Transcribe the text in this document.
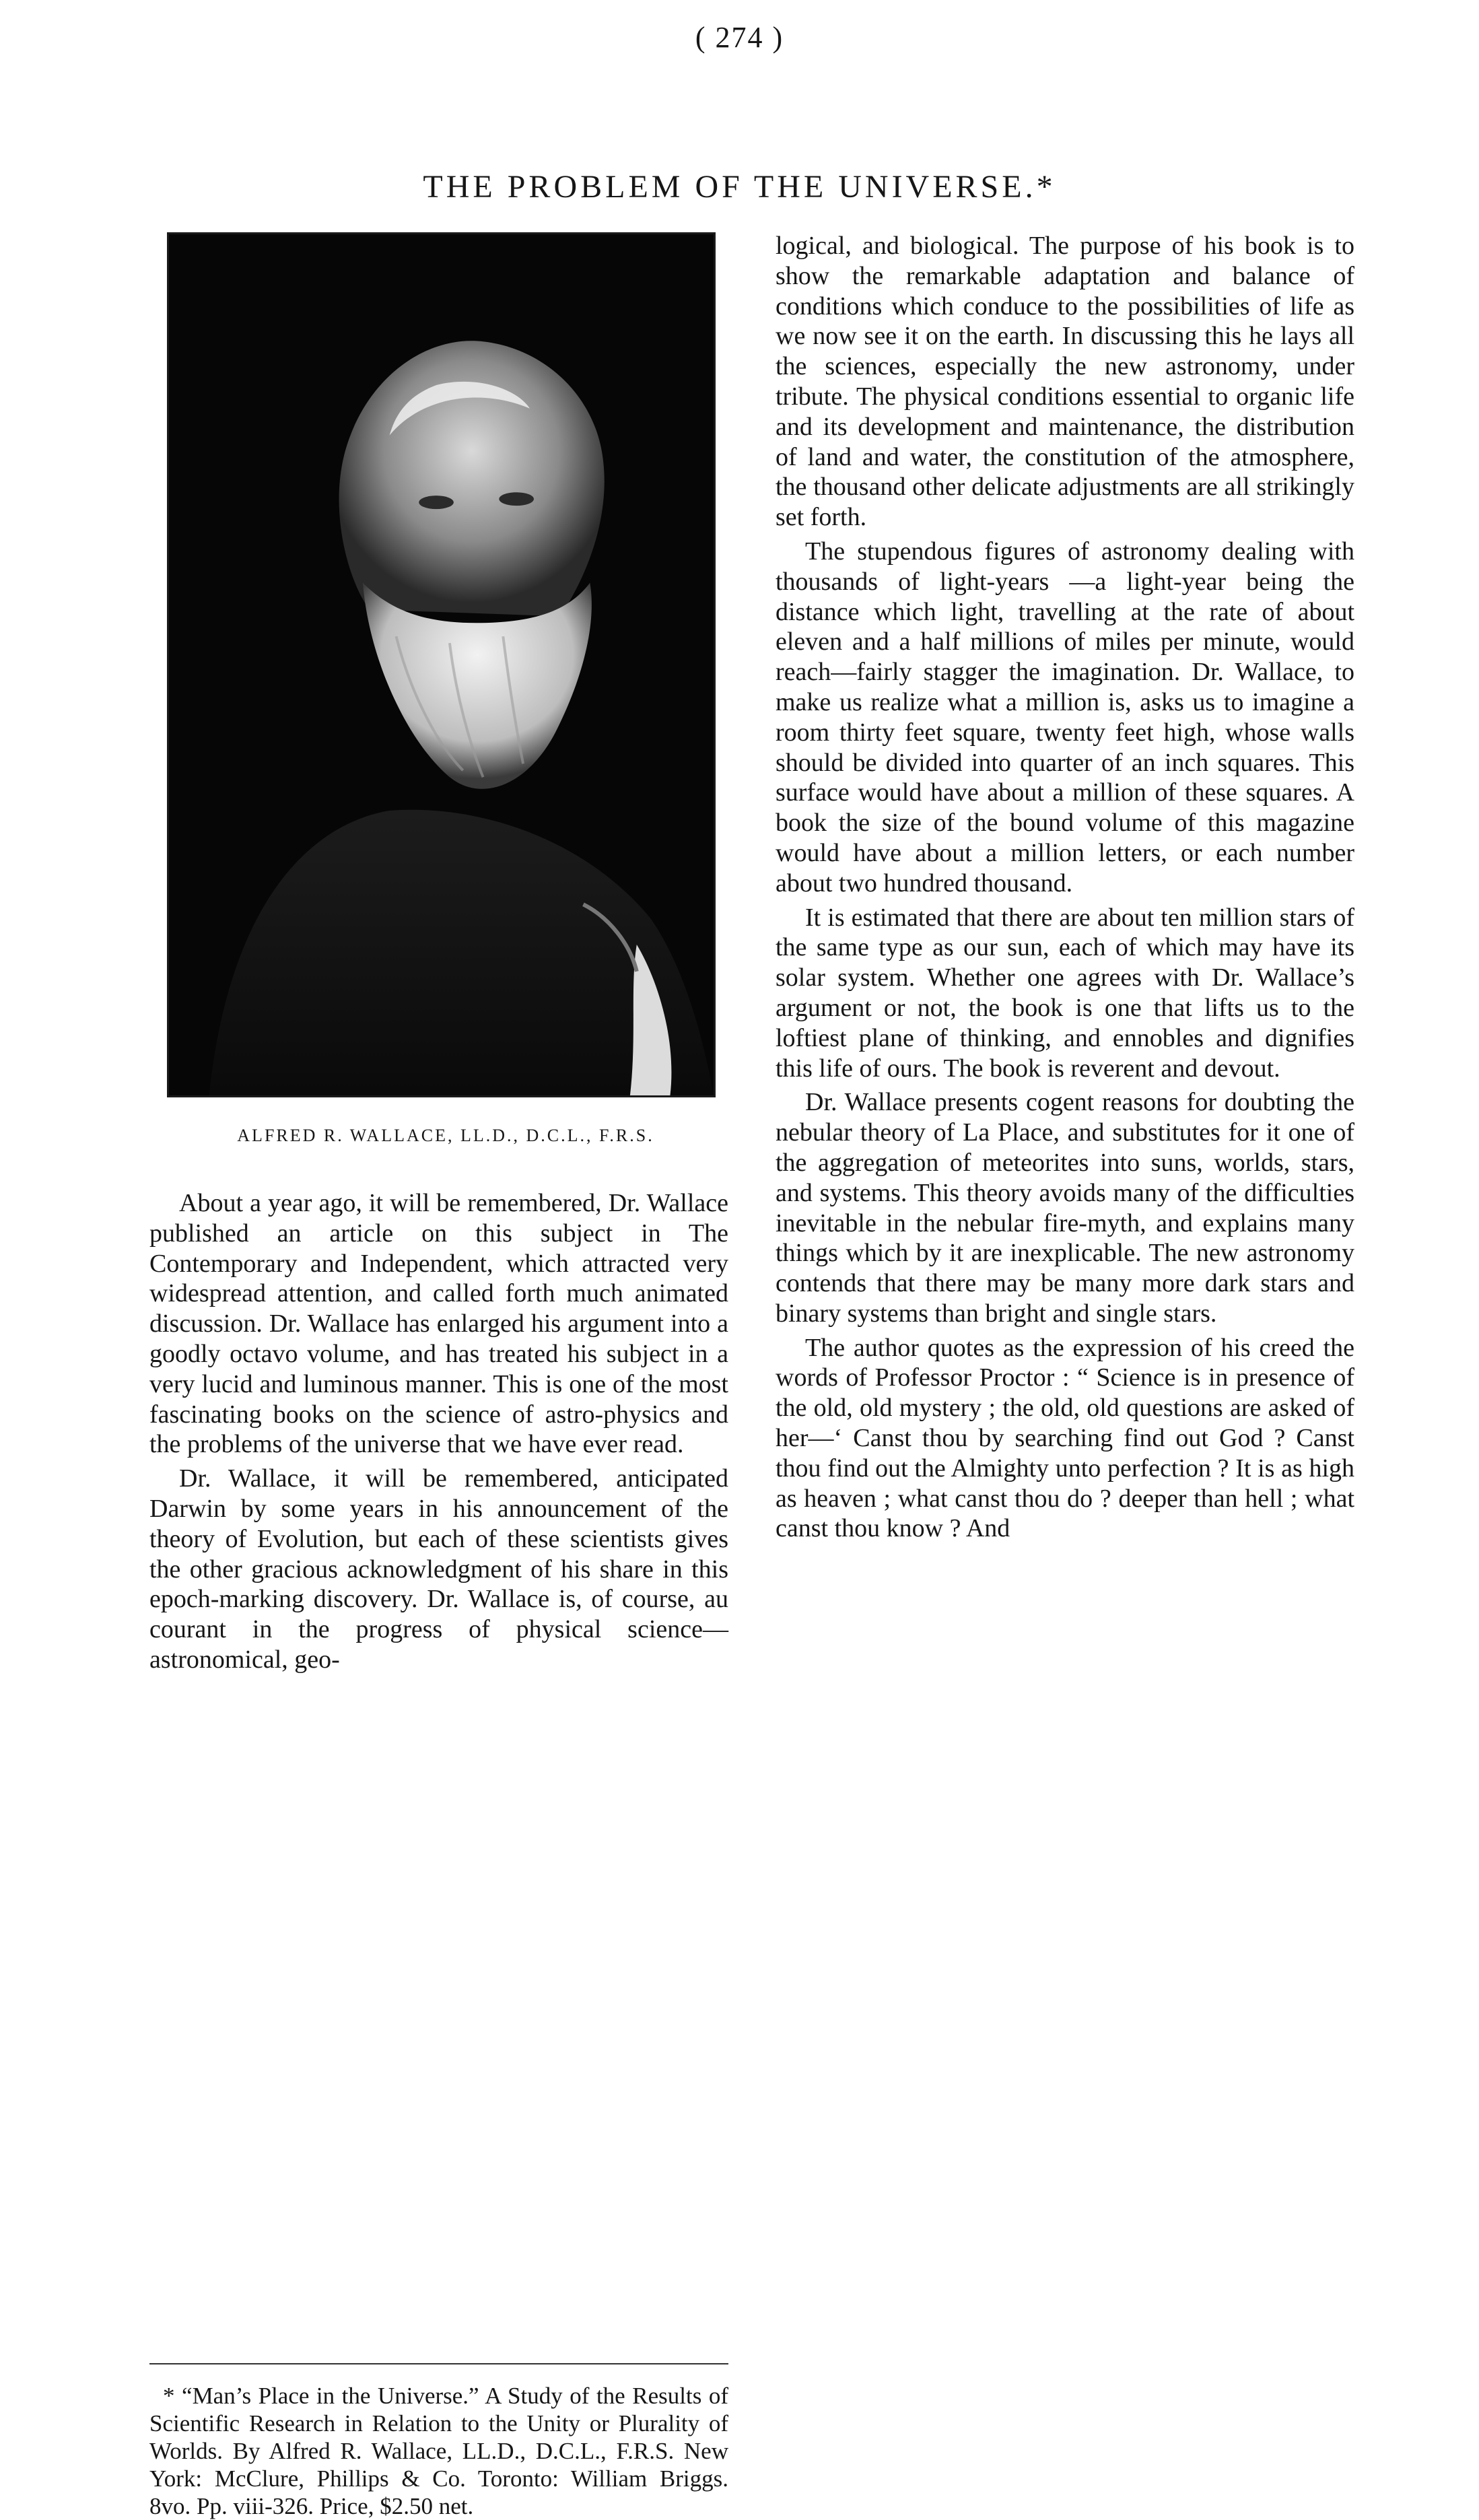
( 274 )
THE PROBLEM OF THE UNIVERSE.*
ALFRED R. WALLACE, LL.D., D.C.L., F.R.S.

About a year ago, it will be remembered, Dr. Wallace published an article on this subject in The Contemporary and Independent, which attracted very widespread attention, and called forth much animated discussion. Dr. Wallace has enlarged his argument into a goodly octavo volume, and has treated his subject in a very lucid and luminous manner. This is one of the most fascinating books on the science of astro-physics and the problems of the universe that we have ever read.

Dr. Wallace, it will be remembered, anticipated Darwin by some years in his announcement of the theory of Evolution, but each of these scientists gives the other gracious acknowledgment of his share in this epoch-marking discovery. Dr. Wallace is, of course, au courant in the progress of physical science—astronomical, geo-

* “Man’s Place in the Universe.” A Study of the Results of Scientific Research in Relation to the Unity or Plurality of Worlds. By Alfred R. Wallace, LL.D., D.C.L., F.R.S. New York: McClure, Phillips & Co. Toronto: William Briggs. 8vo. Pp. viii-326. Price, $2.50 net.

logical, and biological. The purpose of his book is to show the remarkable adaptation and balance of conditions which conduce to the possibilities of life as we now see it on the earth. In discussing this he lays all the sciences, especially the new astronomy, under tribute. The physical conditions essential to organic life and its development and maintenance, the distribution of land and water, the constitution of the atmosphere, the thousand other delicate adjustments are all strikingly set forth.

The stupendous figures of astronomy dealing with thousands of light-years —a light-year being the distance which light, travelling at the rate of about eleven and a half millions of miles per minute, would reach—fairly stagger the imagination. Dr. Wallace, to make us realize what a million is, asks us to imagine a room thirty feet square, twenty feet high, whose walls should be divided into quarter of an inch squares. This surface would have about a million of these squares. A book the size of the bound volume of this magazine would have about a million letters, or each number about two hundred thousand.

It is estimated that there are about ten million stars of the same type as our sun, each of which may have its solar system. Whether one agrees with Dr. Wallace’s argument or not, the book is one that lifts us to the loftiest plane of thinking, and ennobles and dignifies this life of ours. The book is reverent and devout.

Dr. Wallace presents cogent reasons for doubting the nebular theory of La Place, and substitutes for it one of the aggregation of meteorites into suns, worlds, stars, and systems. This theory avoids many of the difficulties inevitable in the nebular fire-myth, and explains many things which by it are inexplicable. The new astronomy contends that there may be many more dark stars and binary systems than bright and single stars.

The author quotes as the expression of his creed the words of Professor Proctor : “ Science is in presence of the old, old mystery ; the old, old questions are asked of her—‘ Canst thou by searching find out God ? Canst thou find out the Almighty unto perfection ? It is as high as heaven ; what canst thou do ? deeper than hell ; what canst thou know ? And
